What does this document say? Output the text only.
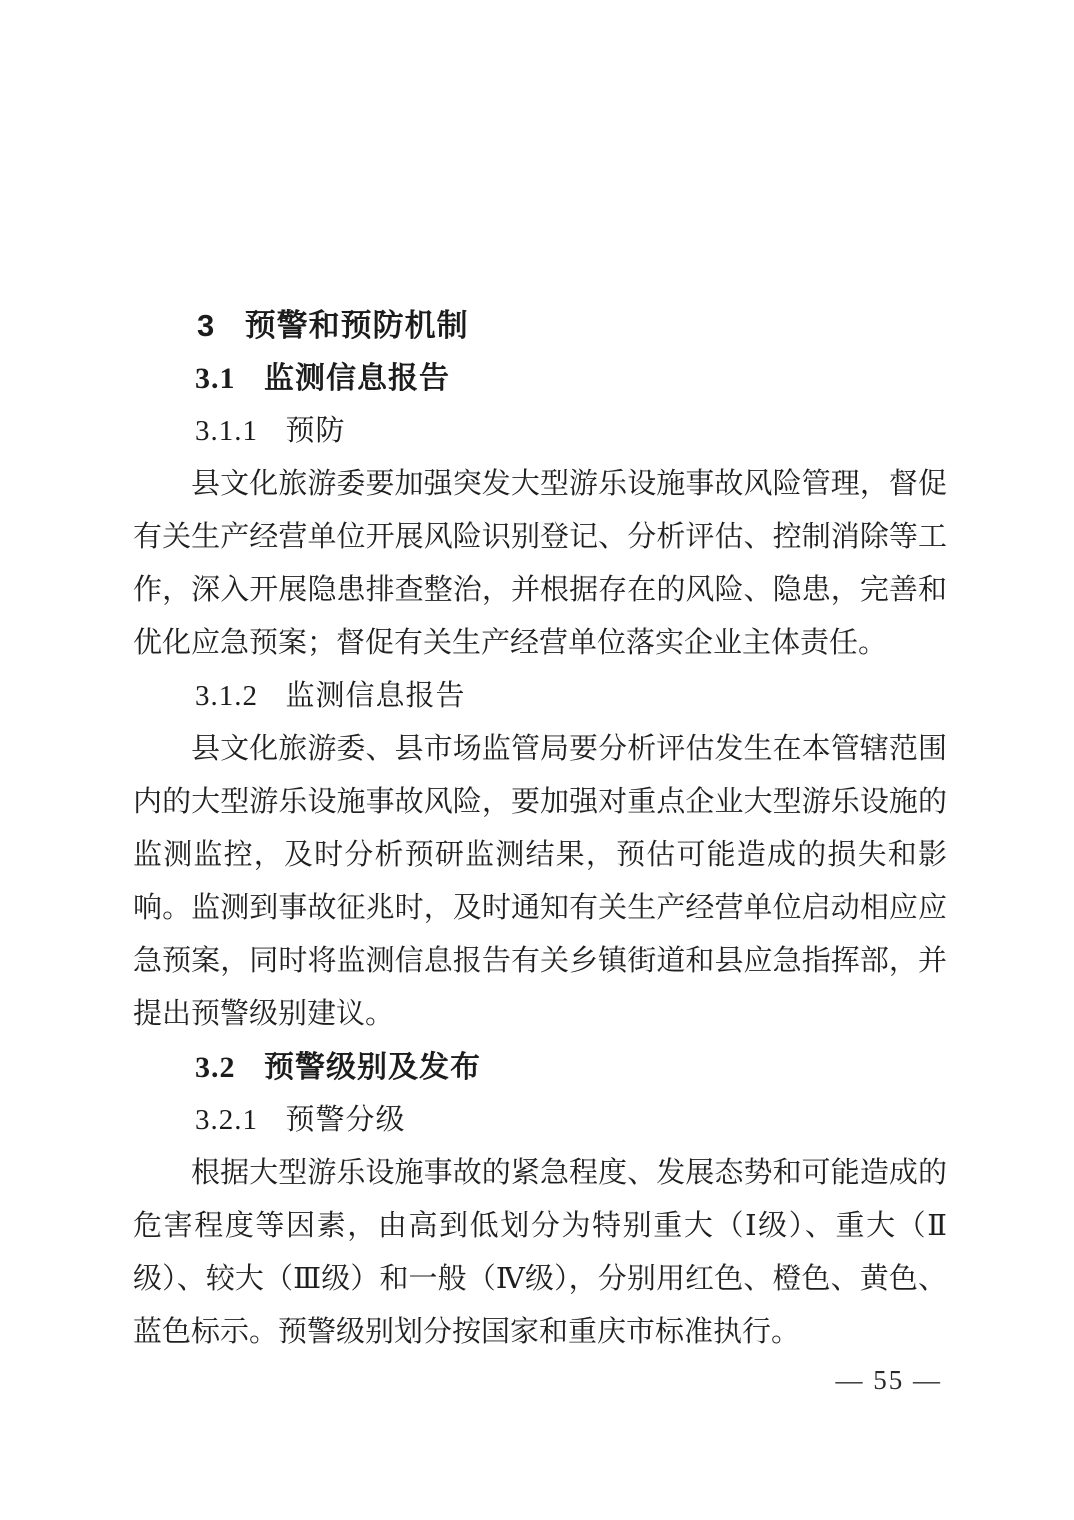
3 预警和预防机制
3.1 监测信息报告
3.1.1 预防

县文化旅游委要加强突发大型游乐设施事故风险管理，督促有关生产经营单位开展风险识别登记、分析评估、控制消除等工作，深入开展隐患排查整治，并根据存在的风险、隐患，完善和优化应急预案；督促有关生产经营单位落实企业主体责任。

3.1.2 监测信息报告

县文化旅游委、县市场监管局要分析评估发生在本管辖范围内的大型游乐设施事故风险，要加强对重点企业大型游乐设施的监测监控，及时分析预研监测结果，预估可能造成的损失和影响。监测到事故征兆时，及时通知有关生产经营单位启动相应应急预案，同时将监测信息报告有关乡镇街道和县应急指挥部，并提出预警级别建议。

3.2 预警级别及发布
3.2.1 预警分级

根据大型游乐设施事故的紧急程度、发展态势和可能造成的危害程度等因素，由高到低划分为特别重大（Ⅰ级）、重大（Ⅱ级）、较大（Ⅲ级）和一般（Ⅳ级），分别用红色、橙色、黄色、蓝色标示。预警级别划分按国家和重庆市标准执行。

— 55 —
